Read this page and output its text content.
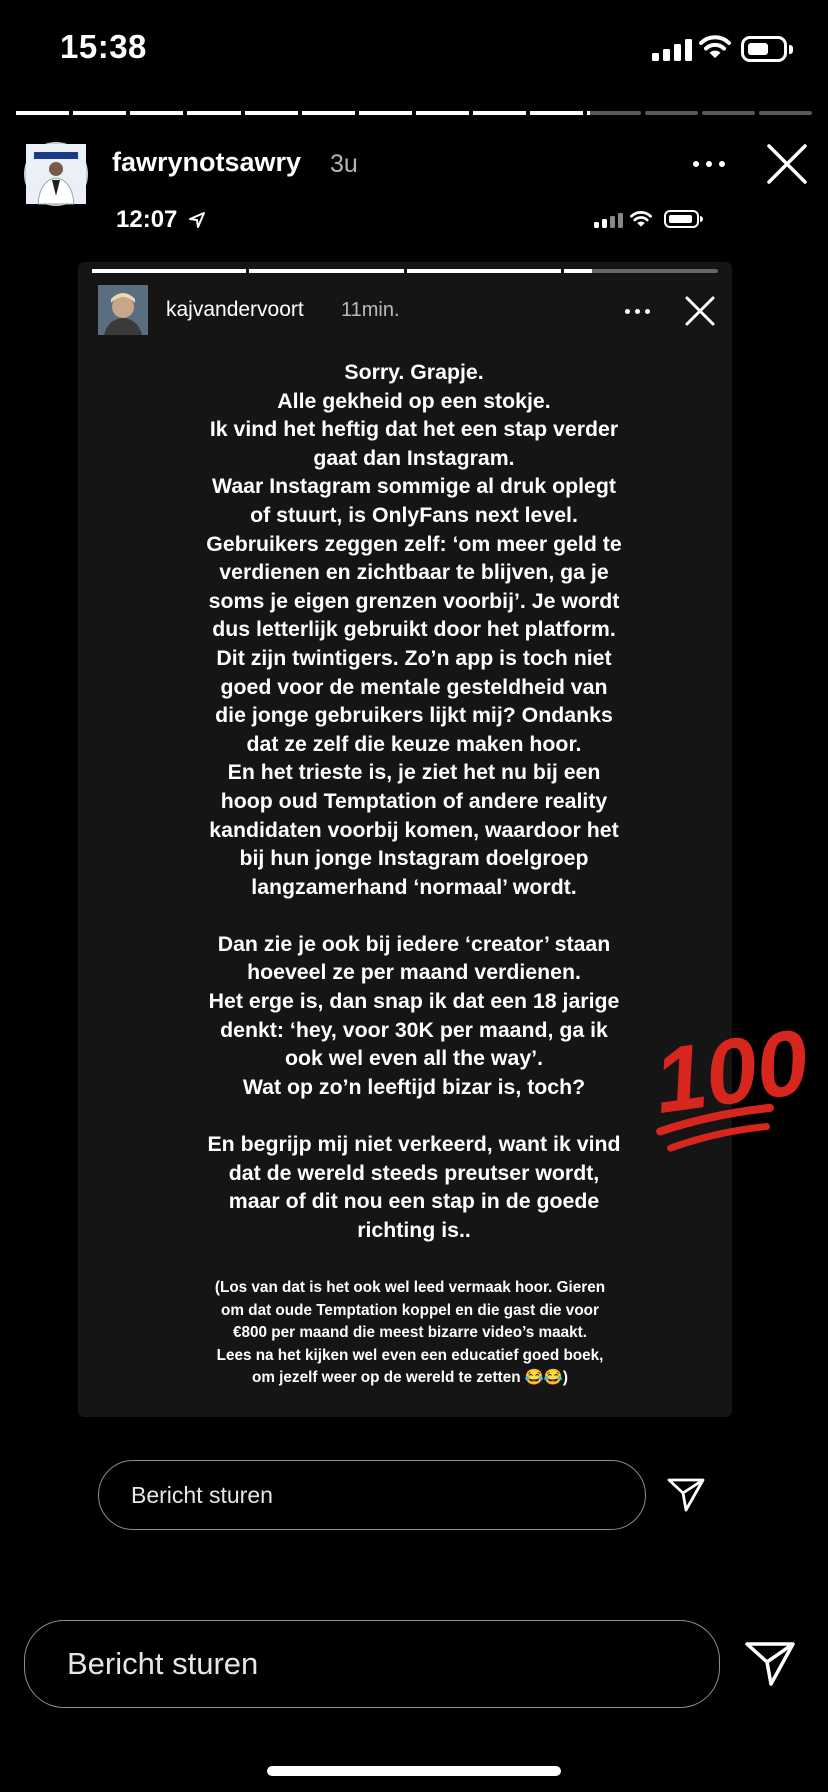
15:38
fawrynotsawry 3u
12:07
kajvandervoort 11min.

Sorry. Grapje.
Alle gekheid op een stokje.
Ik vind het heftig dat het een stap verder
gaat dan Instagram.
Waar Instagram sommige al druk oplegt
of stuurt, is OnlyFans next level.
Gebruikers zeggen zelf: ‘om meer geld te
verdienen en zichtbaar te blijven, ga je
soms je eigen grenzen voorbij’. Je wordt
dus letterlijk gebruikt door het platform.
Dit zijn twintigers. Zo’n app is toch niet
goed voor de mentale gesteldheid van
die jonge gebruikers lijkt mij? Ondanks
dat ze zelf die keuze maken hoor.
En het trieste is, je ziet het nu bij een
hoop oud Temptation of andere reality
kandidaten voorbij komen, waardoor het
bij hun jonge Instagram doelgroep
langzamerhand ‘normaal’ wordt.

Dan zie je ook bij iedere ‘creator’ staan
hoeveel ze per maand verdienen.
Het erge is, dan snap ik dat een 18 jarige
denkt: ‘hey, voor 30K per maand, ga ik
ook wel even all the way’.
Wat op zo’n leeftijd bizar is, toch?

En begrijp mij niet verkeerd, want ik vind
dat de wereld steeds preutser wordt,
maar of dit nou een stap in de goede
richting is..

(Los van dat is het ook wel leed vermaak hoor. Gieren
om dat oude Temptation koppel en die gast die voor
€800 per maand die meest bizarre video’s maakt.
Lees na het kijken wel even een educatief goed boek,
om jezelf weer op de wereld te zetten 😂😂)
100
Bericht sturen
Bericht sturen
